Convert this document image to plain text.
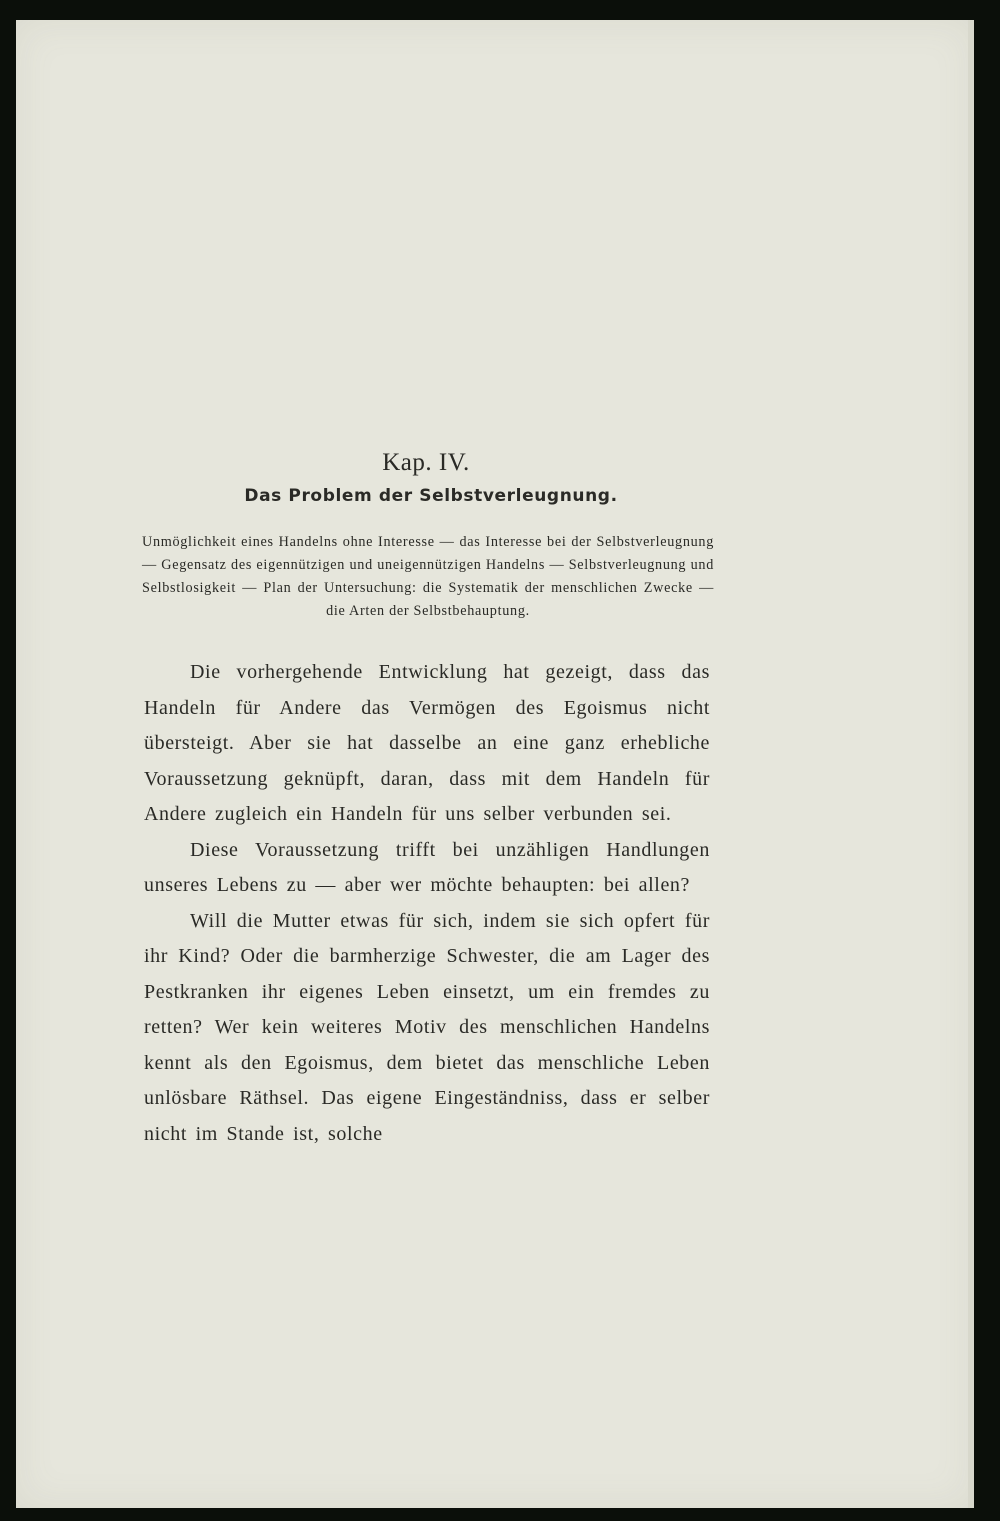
Kap. IV.
Das Problem der Selbstverleugnung.
Unmöglichkeit eines Handelns ohne Interesse — das Interesse bei der Selbstverleugnung — Gegensatz des eigennützigen und uneigennützigen Handelns — Selbstverleugnung und Selbstlosigkeit — Plan der Untersuchung: die Systematik der menschlichen Zwecke — die Arten der Selbstbehauptung.

Die vorhergehende Entwicklung hat gezeigt, dass das Handeln für Andere das Vermögen des Egoismus nicht übersteigt. Aber sie hat dasselbe an eine ganz erhebliche Voraussetzung geknüpft, daran, dass mit dem Handeln für Andere zugleich ein Handeln für uns selber verbunden sei.

Diese Voraussetzung trifft bei unzähligen Handlungen unseres Lebens zu — aber wer möchte behaupten: bei allen?

Will die Mutter etwas für sich, indem sie sich opfert für ihr Kind? Oder die barmherzige Schwester, die am Lager des Pestkranken ihr eigenes Leben einsetzt, um ein fremdes zu retten? Wer kein weiteres Motiv des menschlichen Handelns kennt als den Egoismus, dem bietet das menschliche Leben unlösbare Räthsel. Das eigene Eingeständniss, dass er selber nicht im Stande ist, solche
